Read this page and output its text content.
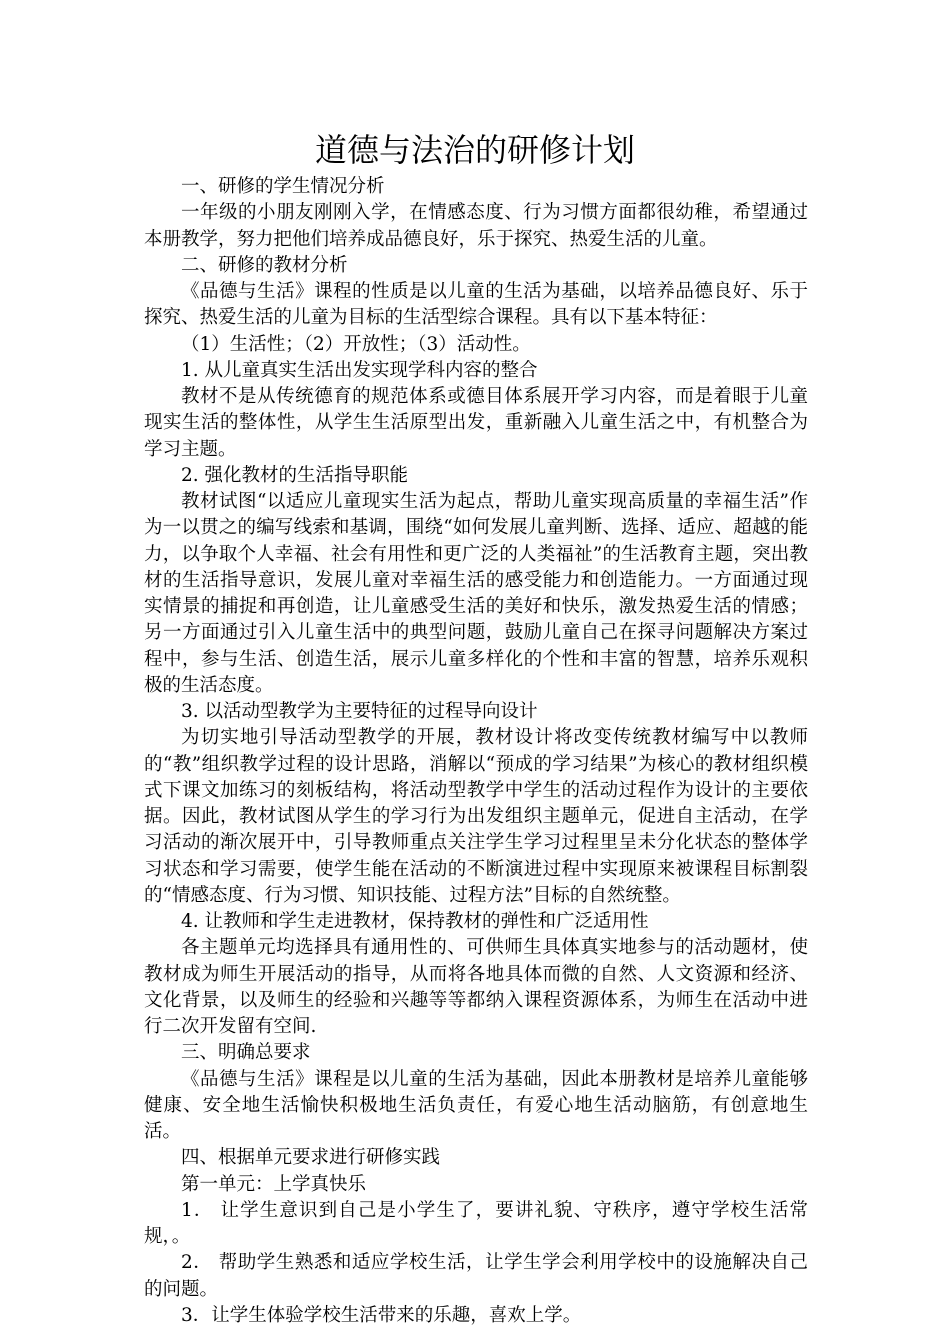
道德与法治的研修计划

一、研修的学生情况分析

一年级的小朋友刚刚入学，在情感态度、行为习惯方面都很幼稚，希望通过本册教学，努力把他们培养成品德良好，乐于探究、热爱生活的儿童。

二、研修的教材分析

《品德与生活》课程的性质是以儿童的生活为基础，以培养品德良好、乐于探究、热爱生活的儿童为目标的生活型综合课程。具有以下基本特征：

（1）生活性；（2）开放性；（3）活动性。

1. 从儿童真实生活出发实现学科内容的整合

教材不是从传统德育的规范体系或德目体系展开学习内容，而是着眼于儿童现实生活的整体性，从学生生活原型出发，重新融入儿童生活之中，有机整合为学习主题。

2. 强化教材的生活指导职能

教材试图“以适应儿童现实生活为起点，帮助儿童实现高质量的幸福生活”作为一以贯之的编写线索和基调，围绕“如何发展儿童判断、选择、适应、超越的能力，以争取个人幸福、社会有用性和更广泛的人类福祉”的生活教育主题，突出教材的生活指导意识，发展儿童对幸福生活的感受能力和创造能力。一方面通过现实情景的捕捉和再创造，让儿童感受生活的美好和快乐，激发热爱生活的情感；另一方面通过引入儿童生活中的典型问题，鼓励儿童自己在探寻问题解决方案过程中，参与生活、创造生活，展示儿童多样化的个性和丰富的智慧，培养乐观积极的生活态度。

3. 以活动型教学为主要特征的过程导向设计

为切实地引导活动型教学的开展，教材设计将改变传统教材编写中以教师的“教”组织教学过程的设计思路，消解以“预成的学习结果”为核心的教材组织模式下课文加练习的刻板结构，将活动型教学中学生的活动过程作为设计的主要依据。因此，教材试图从学生的学习行为出发组织主题单元，促进自主活动，在学习活动的渐次展开中，引导教师重点关注学生学习过程里呈未分化状态的整体学习状态和学习需要，使学生能在活动的不断演进过程中实现原来被课程目标割裂的“情感态度、行为习惯、知识技能、过程方法”目标的自然统整。

4. 让教师和学生走进教材，保持教材的弹性和广泛适用性

各主题单元均选择具有通用性的、可供师生具体真实地参与的活动题材，使教材成为师生开展活动的指导，从而将各地具体而微的自然、人文资源和经济、文化背景，以及师生的经验和兴趣等等都纳入课程资源体系，为师生在活动中进行二次开发留有空间.

三、明确总要求

《品德与生活》课程是以儿童的生活为基础，因此本册教材是培养儿童能够健康、安全地生活愉快积极地生活负责任，有爱心地生活动脑筋，有创意地生活。

四、根据单元要求进行研修实践

第一单元：上学真快乐

1． 让学生意识到自己是小学生了，要讲礼貌、守秩序，遵守学校生活常规，。

2． 帮助学生熟悉和适应学校生活，让学生学会利用学校中的设施解决自己的问题。

3．让学生体验学校生活带来的乐趣，喜欢上学。
